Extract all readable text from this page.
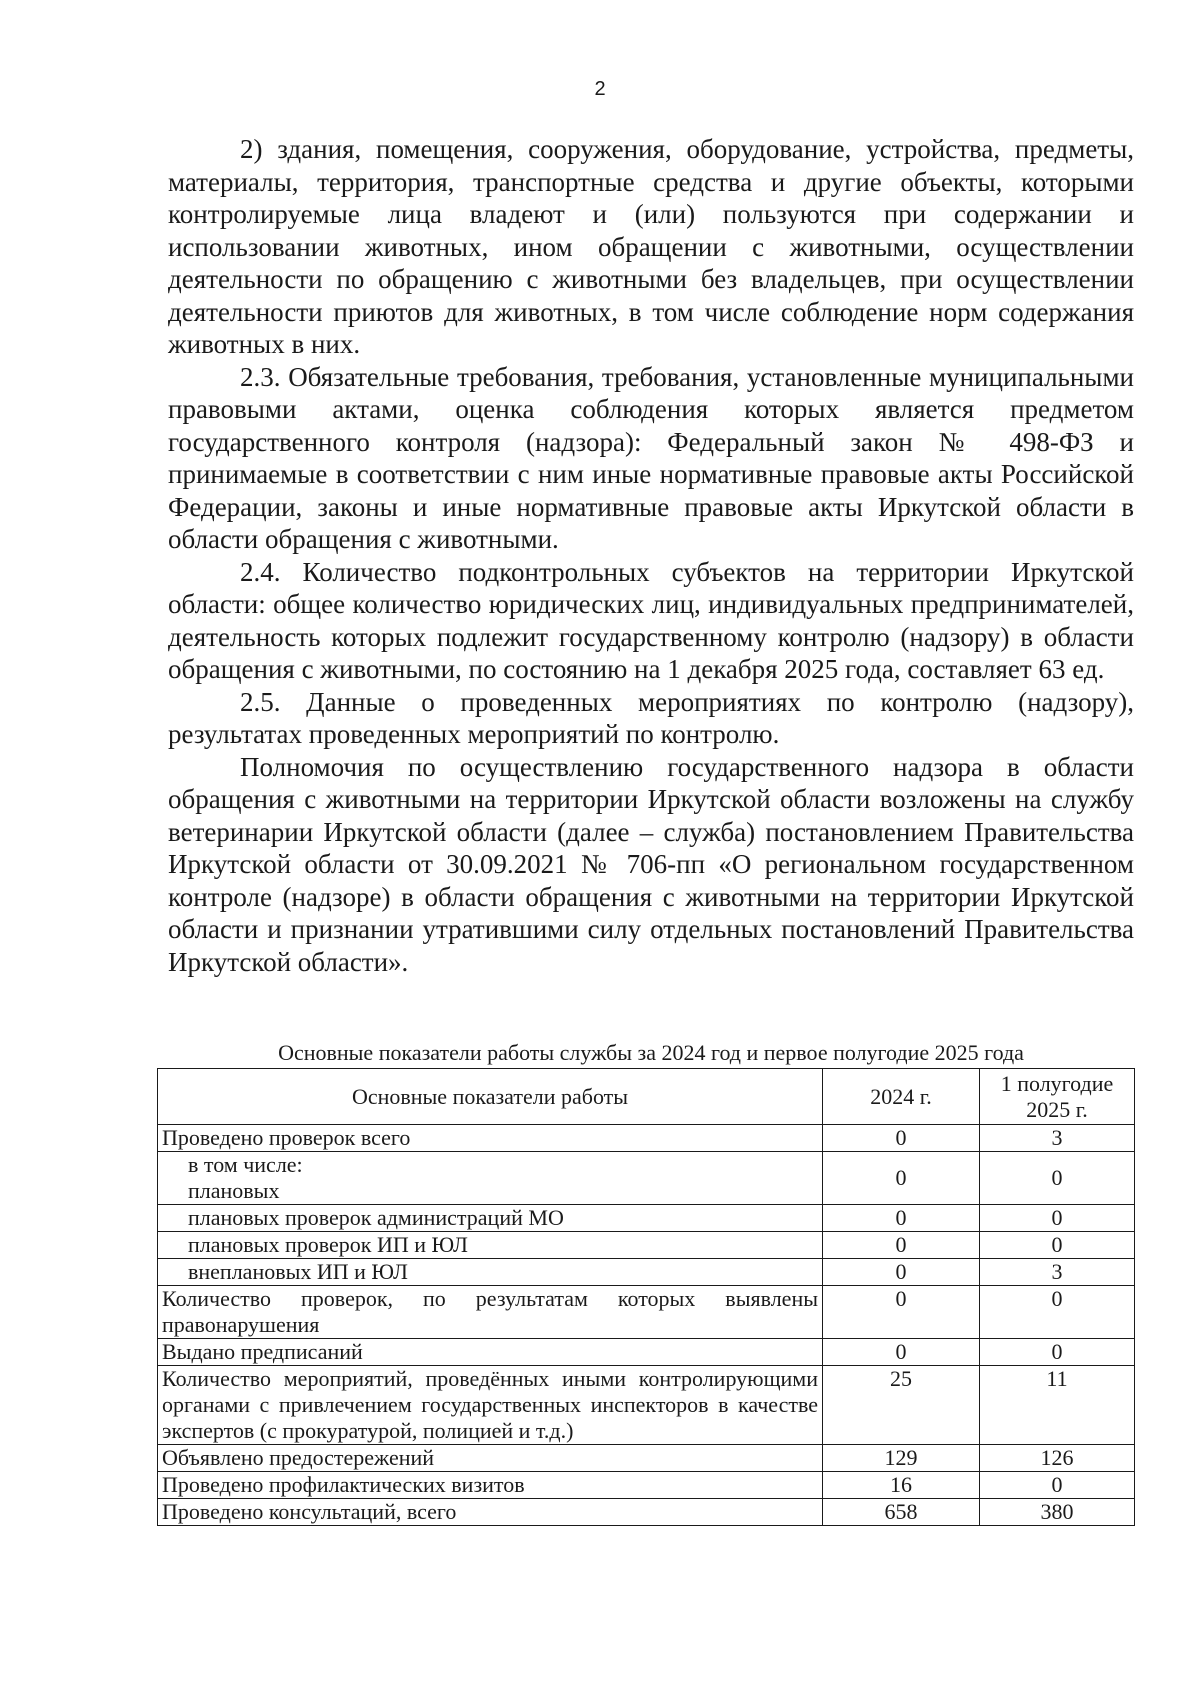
2

2) здания, помещения, сооружения, оборудование, устройства, предметы, материалы, территория, транспортные средства и другие объекты, которыми контролируемые лица владеют и (или) пользуются при содержании и использовании животных, ином обращении с животными, осуществлении деятельности по обращению с животными без владельцев, при осуществлении деятельности приютов для животных, в том числе соблюдение норм содержания животных в них.

2.3. Обязательные требования, требования, установленные муниципальными правовыми актами, оценка соблюдения которых является предметом государственного контроля (надзора): Федеральный закон № 498-ФЗ и принимаемые в соответствии с ним иные нормативные правовые акты Российской Федерации, законы и иные нормативные правовые акты Иркутской области в области обращения с животными.

2.4. Количество подконтрольных субъектов на территории Иркутской области: общее количество юридических лиц, индивидуальных предпринимателей, деятельность которых подлежит государственному контролю (надзору) в области обращения с животными, по состоянию на 1 декабря 2025 года, составляет 63 ед.

2.5. Данные о проведенных мероприятиях по контролю (надзору), результатах проведенных мероприятий по контролю.

Полномочия по осуществлению государственного надзора в области обращения с животными на территории Иркутской области возложены на службу ветеринарии Иркутской области (далее – служба) постановлением Правительства Иркутской области от 30.09.2021 № 706-пп «О региональном государственном контроле (надзоре) в области обращения с животными на территории Иркутской области и признании утратившими силу отдельных постановлений Правительства Иркутской области».

Основные показатели работы службы за 2024 год и первое полугодие 2025 года
Основные показатели работы	2024 г.	1 полугодие 2025 г.
Проведено проверок всего	0	3

в том числе:
плановых	0	0
плановых проверок администраций МО	0	0
плановых проверок ИП и ЮЛ	0	0
внеплановых ИП и ЮЛ	0	3
Количество проверок, по результатам которых выявлены правонарушения	0	0
Выдано предписаний	0	0
Количество мероприятий, проведённых иными контролирующими органами с привлечением государственных инспекторов в качестве экспертов (с прокуратурой, полицией и т.д.)	25	11
Объявлено предостережений	129	126
Проведено профилактических визитов	16	0
Проведено консультаций, всего	658	380
